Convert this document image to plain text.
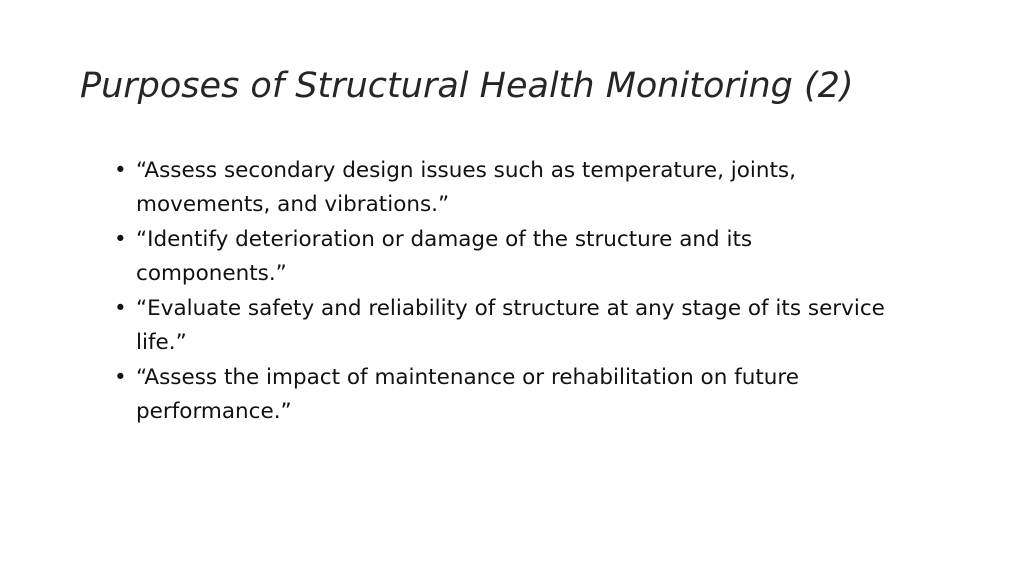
Purposes of Structural Health Monitoring (2)
• “Assess secondary design issues such as temperature, joints, movements, and vibrations.”
• “Identify deterioration or damage of the structure and its components.”
• “Evaluate safety and reliability of structure at any stage of its service life.”
• “Assess the impact of maintenance or rehabilitation on future performance.”
